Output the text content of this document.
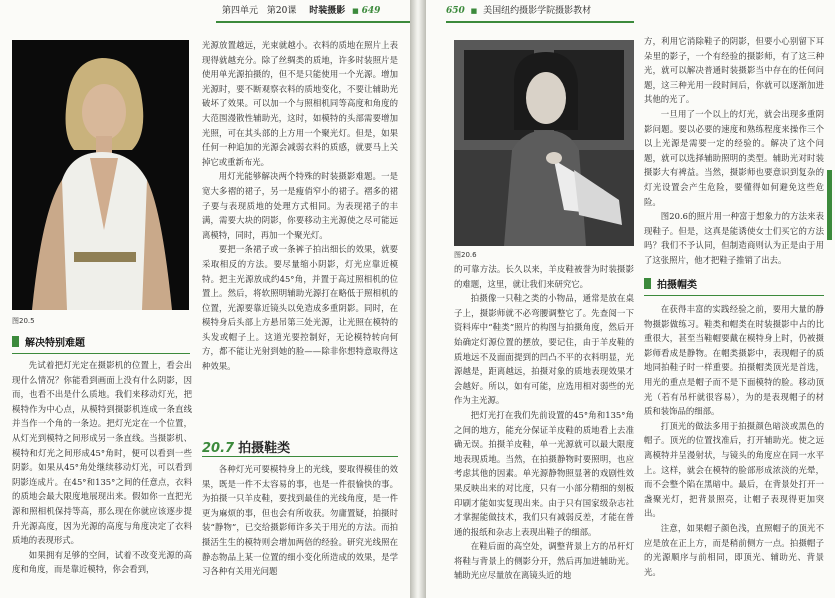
第四单元 第20课 时装摄影 ■ 649
图20.5

光源放置越远，光束就越小。衣料的质地在照片上表现得就越充分。除了丝绸类的质地，许多时装照片是使用单光源拍摄的，但不是只能使用一个光源。增加光源时，要不断观察衣料的质地变化，不要让辅助光破坏了效果。可以加一个与照相机同等高度和角度的大范围漫散性辅助光，这时，如模特的头部需要增加光照，可在其头部的上方用一个聚光灯。但是，如果任何一种追加的光源会减弱衣料的质感，就要马上关掉它或重新布光。

用灯光能够解决两个特殊的时装摄影难题。一是宽大多褶的裙子，另一是瘦俏窄小的裙子。褶多的裙子要与表现质地的处理方式相同。为表现裙子的丰满，需要大块的阴影，你要移动主光源使之尽可能远离模特，同时，再加一个聚光灯。

要把一条裙子或一条裤子拍出细长的效果，就要采取相反的方法。要尽量缩小阴影，灯光应靠近模特。把主光源放成约45°角，并置于高过照相机的位置上。然后，将软照明辅助光源打在略低于照相机的位置，光源要靠近镜头以免造成多重阴影。同时，在模特身后头部上方悬吊第三处光源，让光照在模特的头发或帽子上。这道光要控制好，无论模特转向何方，都不能让光射到她的脸——除非你想特意取得这种效果。

解决特别难题

先试着把灯光定在摄影机的位置上，看会出现什么情况？你能看到画面上没有什么阴影，因而，也看不出是什么质地。我们来移动灯光，把模特作为中心点，从模特到摄影机连成一条直线并当作一个角的一条边。把灯光定在一个位置，从灯光到模特之间形成另一条直线。当摄影机、模特和灯光之间形成45°角时，便可以看到一些阴影。如果从45°角处继续移动灯光，可以看到阴影连成片。在45°和135°之间的任意点，衣料的质地会最大限度地展现出来。假如你一直把光源和照相机保持等高，那么现在你就应该逐步提升光源高度，因为光源的高度与角度决定了衣料质地的表现形式。

如果拥有足够的空间，试着不改变光源的高度和角度，而是靠近模特，你会看到，

20.7 拍摄鞋类

各种灯光可要模特身上的光线，要取得模佳的效果，既是一件不太容易的事，也是一件很愉快的事。为拍摄一只羊皮鞋，要找到最佳的光线角度，是一件更为麻烦的事，但也会有所收获。勿庸置疑，拍摄时装“静物”，已交给摄影师许多关于用光的方法。而拍摄活生生的模特则会增加两倍的经验。研究光线照在静态物品上某一位置的细小变化所造成的效果，是学习各种有关用光问题

650 ■ 美国纽约摄影学院摄影教材
图20.6

的可靠方法。长久以来，羊皮鞋被誉为时装摄影的难题，这里，就让我们来研究它。

拍摄像一只鞋之类的小物品，通常是放在桌子上，摄影师就不必弯腰调整它了。先查阅一下资料库中“鞋类”照片的构图与拍摄角度，然后开始确定灯源位置的摆放，要记住，由于羊皮鞋的质地远不及面面提到的凹凸不平的衣料明显，光源越是，距离越远，拍摄对象的质地表现效果才会越好。所以，如有可能，应选用相对弱些的光作为主光源。

把灯光打在我们先前设置的45°角和135°角之间的地方，能充分保证羊皮鞋的质地看上去准确无误。拍摄羊皮鞋，单一光源就可以最大限度地表现质地。当然，在拍摄静物时要照明，也应考虑其他的因素。单光源静物照显著的戏剧性效果反映出来的对比度，只有一小部分精细的刻板印刷才能如实复现出来。由于只有国家级杂志社才掌握能做技术，我们只有减弱反差，才能在普通的报纸和杂志上表现出鞋子的细部。

在鞋后面的高空处，调整背景上方的吊杆灯将鞋与背景上的侧影分开，然后再加进辅助光。辅助光应尽量放在离镜头近的地

方，利用它消除鞋子的阴影，但要小心别留下耳朵里的影子，一个有经验的摄影师，有了这三种光，就可以解决普通时装摄影当中存在的任何问题，这三种光用一段时间后，你就可以逐渐加进其他的光了。

一旦用了一个以上的灯光，就会出现多重阴影问题。要以必要的速度和熟练程度来操作三个以上光源是需要一定的经验的。解决了这个问题，就可以选择辅助照明的类型。辅助光对时装摄影大有裨益。当然，摄影师也要意识到复杂的灯光设置会产生危险，要懂得如何避免这些危险。

图20.6的照片用一种富于想象力的方法来表现鞋子。但是，这真是能诱使女士们买它的方法吗？我们不予认同，但制造商则认为正是由于用了这张照片，他才把鞋子推销了出去。

拍摄帽类

在获得丰富的实践经验之前，要用大量的静物摄影做练习。鞋类和帽类在时装摄影中占的比重很大，甚至当鞋帽要戴在模特身上时，仍被摄影师看成是静物。在帽类摄影中，表现帽子的质地同拍鞋子时一样重要。拍摄帽类顶光是首选，用光的重点是帽子而不是下面模特的脸。移动顶光（若有吊杆就很容易），为的是表现帽子的材质和装饰品的细部。

打顶光的做法多用于拍摄颜色暗淡或黑色的帽子。顶光的位置找准后，打开辅助光。使之远离模特并呈漫射状，与镜头的角度应在同一水平上。这样，就会在模特的脸部形成浓淡的光晕，而不会整个陷在黑暗中。最后，在背景处打开一盏聚光灯，把背景照亮，让帽子表现得更加突出。

注意，如果帽子颜色浅，直照帽子的顶光不应是放在正上方，而是稍前侧方一点。拍摄帽子的光源顺序与前相同，即顶光、辅助光、背景光。
